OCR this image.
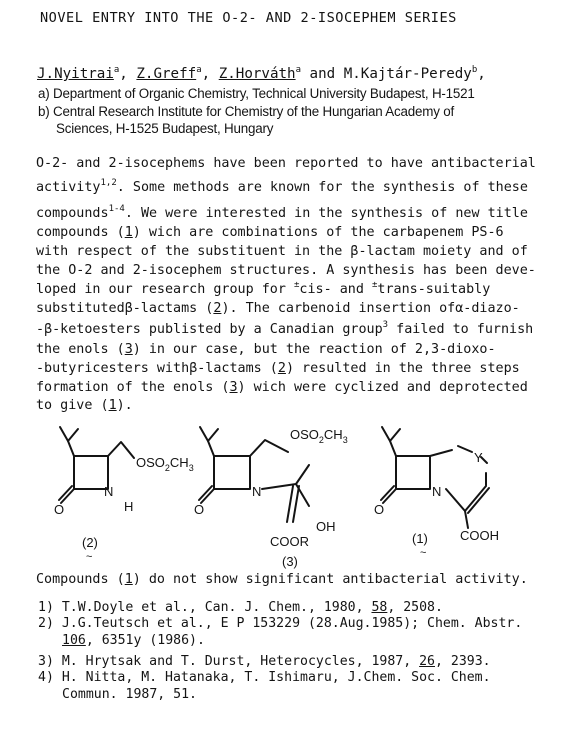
NOVEL ENTRY INTO THE O-2- AND 2-ISOCEPHEM SERIES
J.Nyitrai$^a$, Z.Greff$^a$, Z.Horváth$^a$ and M.Kajtár-Peredy$^b$,
a) Department of Organic Chemistry, Technical University Budapest, H-1521
b) Central Research Institute for Chemistry of the Hungarian Academy of
Sciences, H-1525 Budapest, Hungary
O-2- and 2-isocephems have been reported to have antibacterial
activity$^{1,2}$. Some methods are known for the synthesis of these
compounds$^{1-4}$. We were interested in the synthesis of new title
compounds (1) wich are combinations of the carbapenem PS-6
with respect of the substituent in the β-lactam moiety and of
the O-2 and 2-isocephem structures. A synthesis has been deve-
loped in our research group for ±cis- and ±trans-suitably
substitutedβ-lactams (2). The carbenoid insertion ofα-diazo-
-β-ketoesters publisted by a Canadian group$^3$ failed to furnish
the enols (3) in our case, but the reaction of 2,3-dioxo-
-butyricesters withβ-lactams (2) resulted in the three steps
formation of the enols (3) wich were cyclized and deprotected
to give (1).
$OSO_2CH_3$
O
N
H
(2)
~
$OSO_2CH_3$
O
N
OH
COOR
(3)
Y
O
N
COOH
(1)
~
Compounds (1) do not show significant antibacterial activity.
1) T.W.Doyle et al., Can. J. Chem., 1980, 58, 2508.
2) J.G.Teutsch et al., E P 153229 (28.Aug.1985); Chem. Abstr.
106, 6351y (1986).
3) M. Hrytsak and T. Durst, Heterocycles, 1987, 26, 2393.
4) H. Nitta, M. Hatanaka, T. Ishimaru, J.Chem. Soc. Chem.
Commun. 1987, 51.
